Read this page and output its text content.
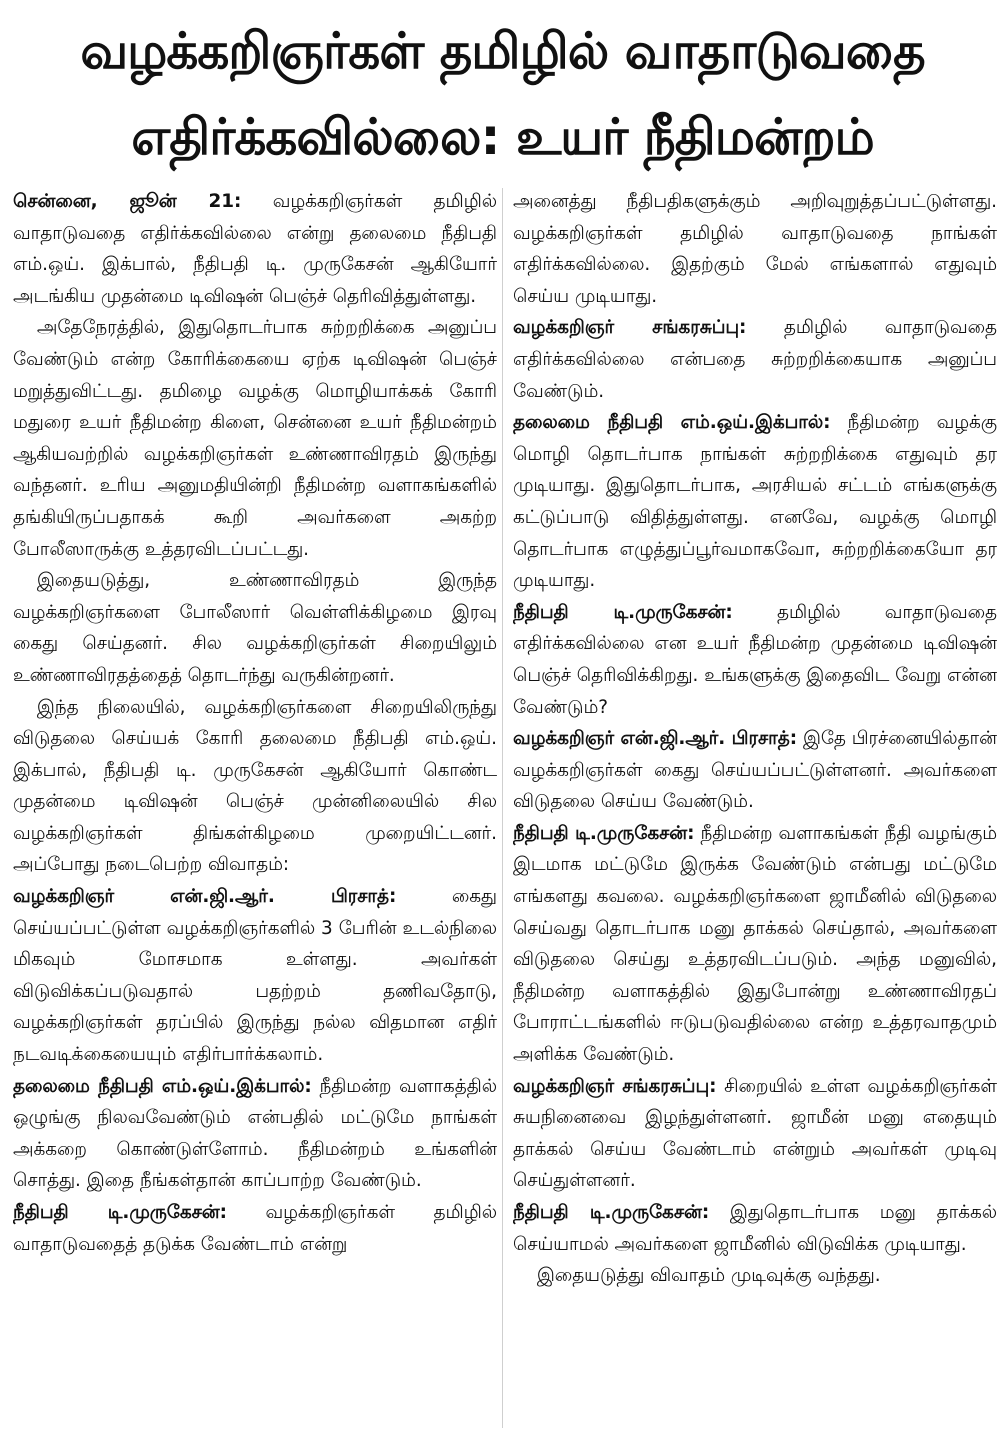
வழக்கறிஞர்கள் தமிழில் வாதாடுவதை
எதிர்க்கவில்லை: உயர் நீதிமன்றம்

சென்னை, ஜூன் 21: வழக்கறிஞர்கள் தமிழில் வாதாடுவதை எதிர்க்கவில்லை என்று தலைமை நீதிபதி எம்.ஒய். இக்பால், நீதிபதி டி. முருகேசன் ஆகியோர் அடங்கிய முதன்மை டிவிஷன் பெஞ்ச் தெரிவித்துள்ளது.

அதேநேரத்தில், இதுதொடர்பாக சுற்றறிக்கை அனுப்ப வேண்டும் என்ற கோரிக்கையை ஏற்க டிவிஷன் பெஞ்ச் மறுத்துவிட்டது. தமிழை வழக்கு மொழியாக்கக் கோரி மதுரை உயர் நீதிமன்ற கிளை, சென்னை உயர் நீதிமன்றம் ஆகியவற்றில் வழக்கறிஞர்கள் உண்ணாவிரதம் இருந்து வந்தனர். உரிய அனுமதியின்றி நீதிமன்ற வளாகங்களில் தங்கியிருப்பதாகக் கூறி அவர்களை அகற்ற போலீஸாருக்கு உத்தரவிடப்பட்டது.

இதையடுத்து, உண்ணாவிரதம் இருந்த வழக்கறிஞர்களை போலீஸார் வெள்ளிக்கிழமை இரவு கைது செய்தனர். சில வழக்கறிஞர்கள் சிறையிலும் உண்ணாவிரதத்தைத் தொடர்ந்து வருகின்றனர்.

இந்த நிலையில், வழக்கறிஞர்களை சிறையிலிருந்து விடுதலை செய்யக் கோரி தலைமை நீதிபதி எம்.ஒய். இக்பால், நீதிபதி டி. முருகேசன் ஆகியோர் கொண்ட முதன்மை டிவிஷன் பெஞ்ச் முன்னிலையில் சில வழக்கறிஞர்கள் திங்கள்கிழமை முறையிட்டனர். அப்போது நடைபெற்ற விவாதம்:

வழக்கறிஞர் என்.ஜி.ஆர். பிரசாத்: கைது செய்யப்பட்டுள்ள வழக்கறிஞர்களில் 3 பேரின் உடல்நிலை மிகவும் மோசமாக உள்ளது. அவர்கள் விடுவிக்கப்படுவதால் பதற்றம் தணிவதோடு, வழக்கறிஞர்கள் தரப்பில் இருந்து நல்ல விதமான எதிர் நடவடிக்கையையும் எதிர்பார்க்கலாம்.

தலைமை நீதிபதி எம்.ஒய்.இக்பால்: நீதிமன்ற வளாகத்தில் ஒழுங்கு நிலவவேண்டும் என்பதில் மட்டுமே நாங்கள் அக்கறை கொண்டுள்ளோம். நீதிமன்றம் உங்களின் சொத்து. இதை நீங்கள்தான் காப்பாற்ற வேண்டும்.

நீதிபதி டி.முருகேசன்: வழக்கறிஞர்கள் தமிழில் வாதாடுவதைத் தடுக்க வேண்டாம் என்று

அனைத்து நீதிபதிகளுக்கும் அறிவுறுத்தப்பட்டுள்ளது. வழக்கறிஞர்கள் தமிழில் வாதாடுவதை நாங்கள் எதிர்க்கவில்லை. இதற்கும் மேல் எங்களால் எதுவும் செய்ய முடியாது.

வழக்கறிஞர் சங்கரசுப்பு: தமிழில் வாதாடுவதை எதிர்க்கவில்லை என்பதை சுற்றறிக்கையாக அனுப்ப வேண்டும்.

தலைமை நீதிபதி எம்.ஒய்.இக்பால்: நீதிமன்ற வழக்கு மொழி தொடர்பாக நாங்கள் சுற்றறிக்கை எதுவும் தர முடியாது. இதுதொடர்பாக, அரசியல் சட்டம் எங்களுக்கு கட்டுப்பாடு விதித்துள்ளது. எனவே, வழக்கு மொழி தொடர்பாக எழுத்துப்பூர்வமாகவோ, சுற்றறிக்கையோ தர முடியாது.

நீதிபதி டி.முருகேசன்: தமிழில் வாதாடுவதை எதிர்க்கவில்லை என உயர் நீதிமன்ற முதன்மை டிவிஷன் பெஞ்ச் தெரிவிக்கிறது. உங்களுக்கு இதைவிட வேறு என்ன வேண்டும்?

வழக்கறிஞர் என்.ஜி.ஆர். பிரசாத்: இதே பிரச்னையில்தான் வழக்கறிஞர்கள் கைது செய்யப்பட்டுள்ளனர். அவர்களை விடுதலை செய்ய வேண்டும்.

நீதிபதி டி.முருகேசன்: நீதிமன்ற வளாகங்கள் நீதி வழங்கும் இடமாக மட்டுமே இருக்க வேண்டும் என்பது மட்டுமே எங்களது கவலை. வழக்கறிஞர்களை ஜாமீனில் விடுதலை செய்வது தொடர்பாக மனு தாக்கல் செய்தால், அவர்களை விடுதலை செய்து உத்தரவிடப்படும். அந்த மனுவில், நீதிமன்ற வளாகத்தில் இதுபோன்று உண்ணாவிரதப் போராட்டங்களில் ஈடுபடுவதில்லை என்ற உத்தரவாதமும் அளிக்க வேண்டும்.

வழக்கறிஞர் சங்கரசுப்பு: சிறையில் உள்ள வழக்கறிஞர்கள் சுயநினைவை இழந்துள்ளனர். ஜாமீன் மனு எதையும் தாக்கல் செய்ய வேண்டாம் என்றும் அவர்கள் முடிவு செய்துள்ளனர்.

நீதிபதி டி.முருகேசன்: இதுதொடர்பாக மனு தாக்கல் செய்யாமல் அவர்களை ஜாமீனில் விடுவிக்க முடியாது.

இதையடுத்து விவாதம் முடிவுக்கு வந்தது.
